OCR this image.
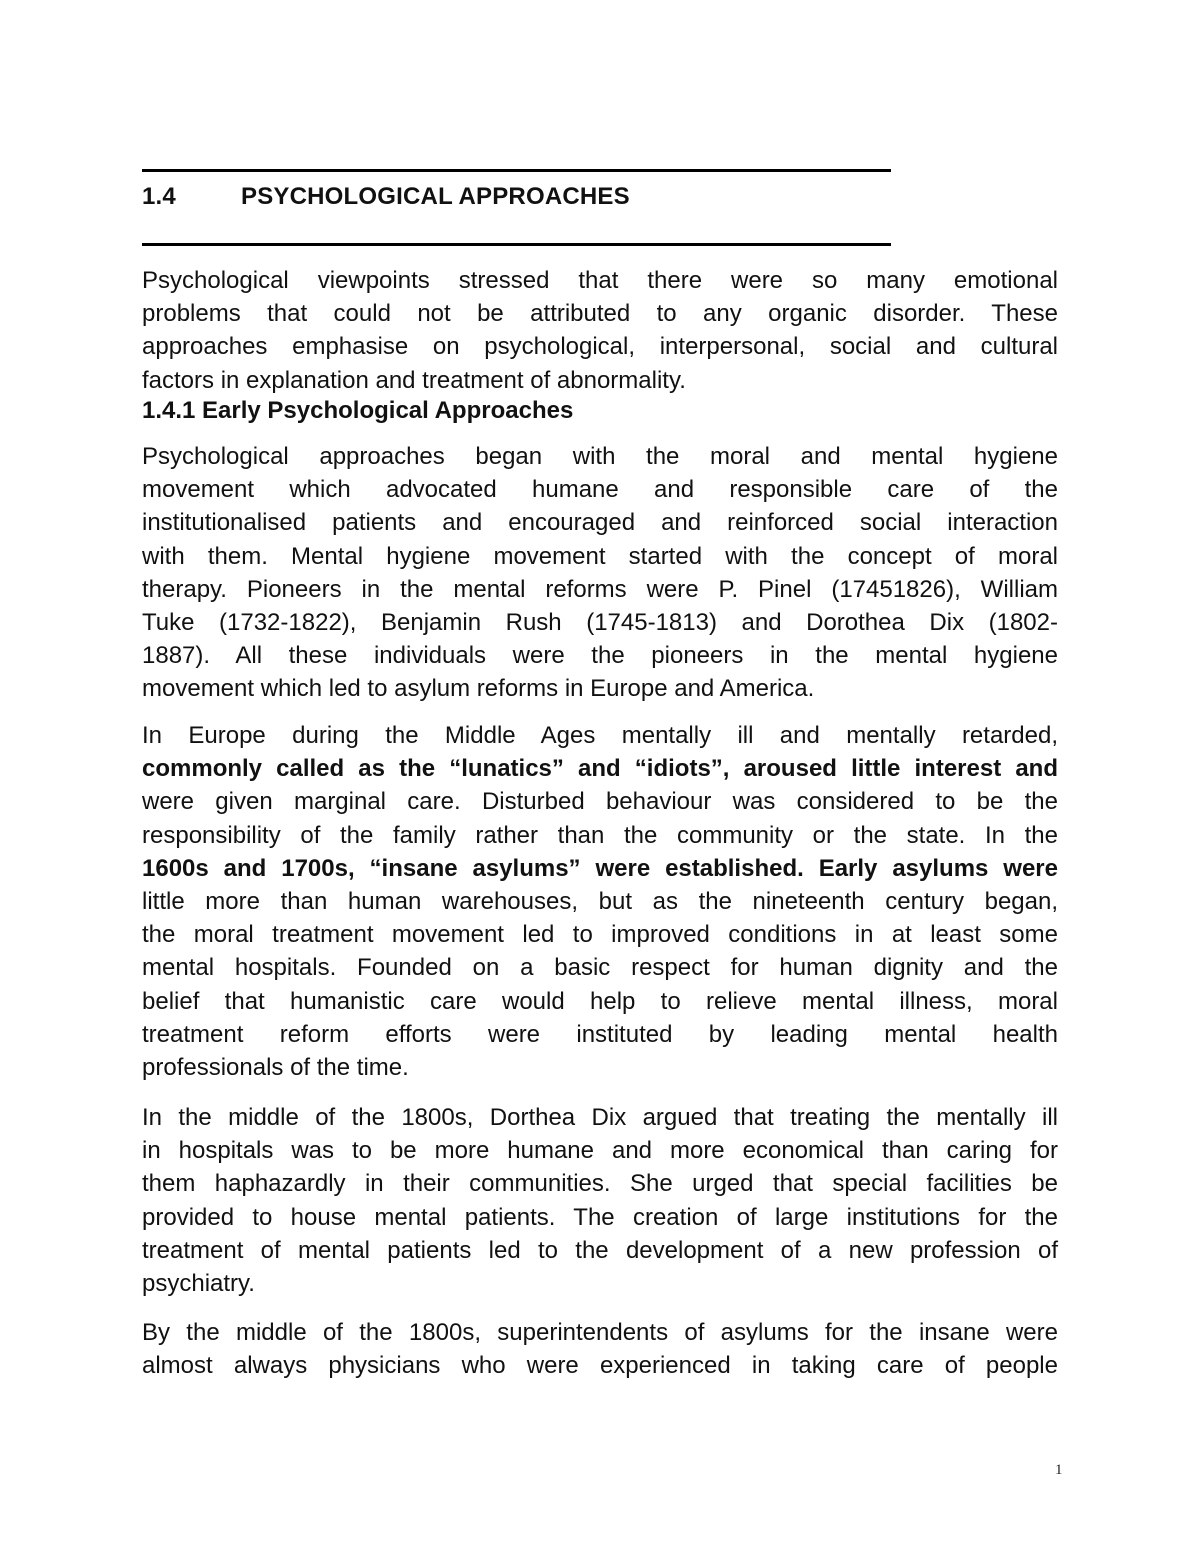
1.4	PSYCHOLOGICAL APPROACHES

Psychological viewpoints stressed that there were so many emotional
problems that could not be attributed to any organic disorder. These
approaches emphasise on psychological, interpersonal, social and cultural
factors in explanation and treatment of abnormality.

1.4.1 Early Psychological Approaches

Psychological approaches began with the moral and mental hygiene
movement which advocated humane and responsible care of the
institutionalised patients and encouraged and reinforced social interaction
with them. Mental hygiene movement started with the concept of moral
therapy. Pioneers in the mental reforms were P. Pinel (17451826), William
Tuke (1732-1822), Benjamin Rush (1745-1813) and Dorothea Dix (1802-
1887). All these individuals were the pioneers in the mental hygiene
movement which led to asylum reforms in Europe and America.

In Europe during the Middle Ages mentally ill and mentally retarded,
commonly called as the “lunatics” and “idiots”, aroused little interest and
were given marginal care. Disturbed behaviour was considered to be the
responsibility of the family rather than the community or the state. In the
1600s and 1700s, “insane asylums” were established. Early asylums were
little more than human warehouses, but as the nineteenth century began,
the moral treatment movement led to improved conditions in at least some
mental hospitals. Founded on a basic respect for human dignity and the
belief that humanistic care would help to relieve mental illness, moral
treatment reform efforts were instituted by leading mental health
professionals of the time.

In the middle of the 1800s, Dorthea Dix argued that treating the mentally ill
in hospitals was to be more humane and more economical than caring for
them haphazardly in their communities. She urged that special facilities be
provided to house mental patients. The creation of large institutions for the
treatment of mental patients led to the development of a new profession of
psychiatry.

By the middle of the 1800s, superintendents of asylums for the insane were
almost always physicians who were experienced in taking care of people

1
